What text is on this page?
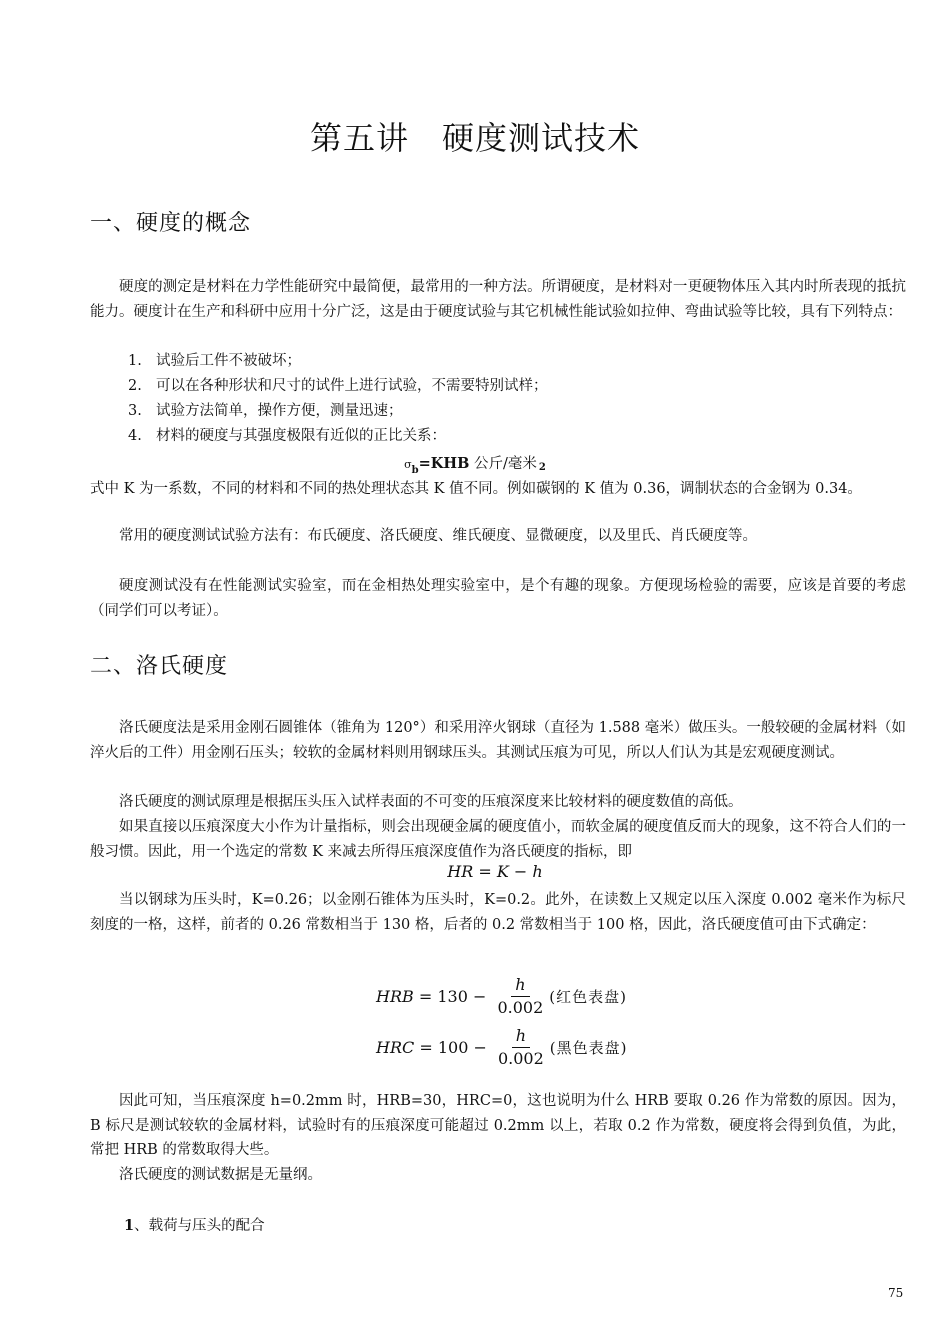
第五讲　硬度测试技术
一、硬度的概念

硬度的测定是材料在力学性能研究中最简便，最常用的一种方法。所谓硬度，是材料对一更硬物体压入其内时所表现的抵抗能力。硬度计在生产和科研中应用十分广泛，这是由于硬度试验与其它机械性能试验如拉伸、弯曲试验等比较，具有下列特点：

1. 试验后工件不被破坏；
2. 可以在各种形状和尺寸的试件上进行试验，不需要特别试样；
3. 试验方法简单，操作方便，测量迅速；
4. 材料的硬度与其强度极限有近似的正比关系：

$\sigma_b=KHB$ 公斤/毫米 2

式中 K 为一系数，不同的材料和不同的热处理状态其 K 值不同。例如碳钢的 K 值为 0.36，调制状态的合金钢为 0.34。

常用的硬度测试试验方法有：布氏硬度、洛氏硬度、维氏硬度、显微硬度，以及里氏、肖氏硬度等。

硬度测试没有在性能测试实验室，而在金相热处理实验室中，是个有趣的现象。方便现场检验的需要，应该是首要的考虑（同学们可以考证）。

二、洛氏硬度

洛氏硬度法是采用金刚石圆锥体（锥角为 120°）和采用淬火钢球（直径为 1.588 毫米）做压头。一般较硬的金属材料（如淬火后的工件）用金刚石压头；较软的金属材料则用钢球压头。其测试压痕为可见，所以人们认为其是宏观硬度测试。

洛氏硬度的测试原理是根据压头压入试样表面的不可变的压痕深度来比较材料的硬度数值的高低。

如果直接以压痕深度大小作为计量指标，则会出现硬金属的硬度值小，而软金属的硬度值反而大的现象，这不符合人们的一般习惯。因此，用一个选定的常数 K 来减去所得压痕深度值作为洛氏硬度的指标，即

HR = K − h

当以钢球为压头时，K=0.26；以金刚石锥体为压头时，K=0.2。此外，在读数上又规定以压入深度 0.002 毫米作为标尺刻度的一格，这样，前者的 0.26 常数相当于 130 格，后者的 0.2 常数相当于 100 格，因此，洛氏硬度值可由下式确定：

HRB = $130 - \frac{h}{0.002}$ (红色表盘)
HRC = $100 - \frac{h}{0.002}$ (黑色表盘)

因此可知，当压痕深度 h=0.2mm 时，HRB=30，HRC=0，这也说明为什么 HRB 要取 0.26 作为常数的原因。因为，B 标尺是测试较软的金属材料，试验时有的压痕深度可能超过 0.2mm 以上，若取 0.2 作为常数，硬度将会得到负值，为此，常把 HRB 的常数取得大些。

洛氏硬度的测试数据是无量纲。

1、载荷与压头的配合

75
